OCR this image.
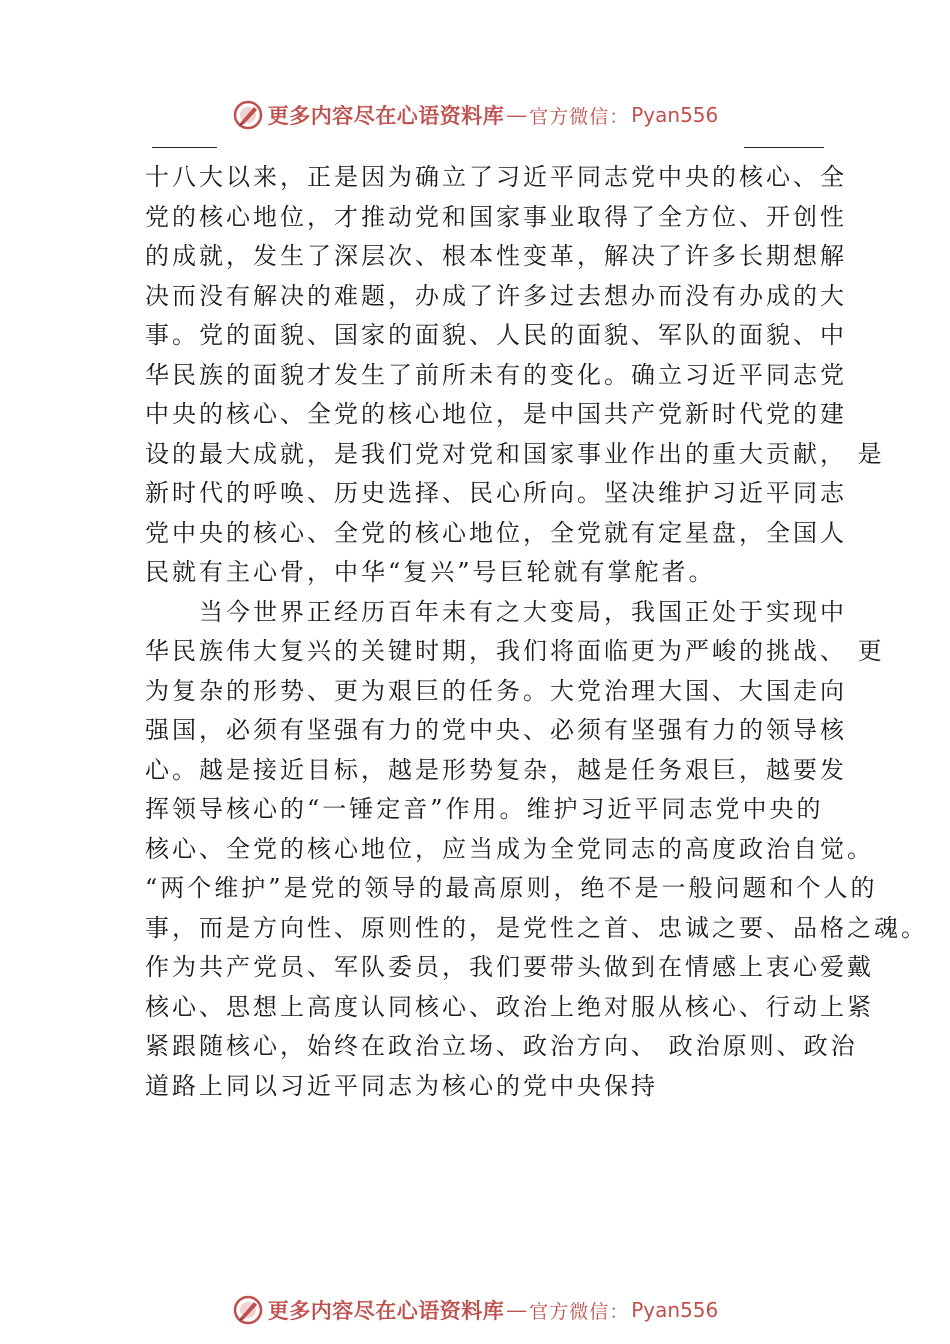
更多内容尽在心语资料库 — 官方微信： Pyan556
十八大以来，正是因为确立了习近平同志党中央的核心、全
党的核心地位，才推动党和国家事业取得了全方位、开创性
的成就，发生了深层次、根本性变革，解决了许多长期想解
决而没有解决的难题，办成了许多过去想办而没有办成的大
事。党的面貌、国家的面貌、人民的面貌、军队的面貌、中
华民族的面貌才发生了前所未有的变化。确立习近平同志党
中央的核心、全党的核心地位，是中国共产党新时代党的建
设的最大成就，是我们党对党和国家事业作出的重大贡献， 是
新时代的呼唤、历史选择、民心所向。坚决维护习近平同志
党中央的核心、全党的核心地位，全党就有定星盘，全国人
民就有主心骨，中华“复兴”号巨轮就有掌舵者。
　　当今世界正经历百年未有之大变局，我国正处于实现中
华民族伟大复兴的关键时期，我们将面临更为严峻的挑战、 更
为复杂的形势、更为艰巨的任务。大党治理大国、大国走向
强国，必须有坚强有力的党中央、必须有坚强有力的领导核
心。越是接近目标，越是形势复杂，越是任务艰巨，越要发
挥领导核心的“一锤定音”作用。维护习近平同志党中央的
核心、全党的核心地位，应当成为全党同志的高度政治自觉。
“两个维护”是党的领导的最高原则，绝不是一般问题和个人的
事，而是方向性、原则性的，是党性之首、忠诚之要、品格之魂。
作为共产党员、军队委员，我们要带头做到在情感上衷心爱戴
核心、思想上高度认同核心、政治上绝对服从核心、行动上紧
紧跟随核心，始终在政治立场、政治方向、 政治原则、政治
道路上同以习近平同志为核心的党中央保持
更多内容尽在心语资料库 — 官方微信： Pyan556
